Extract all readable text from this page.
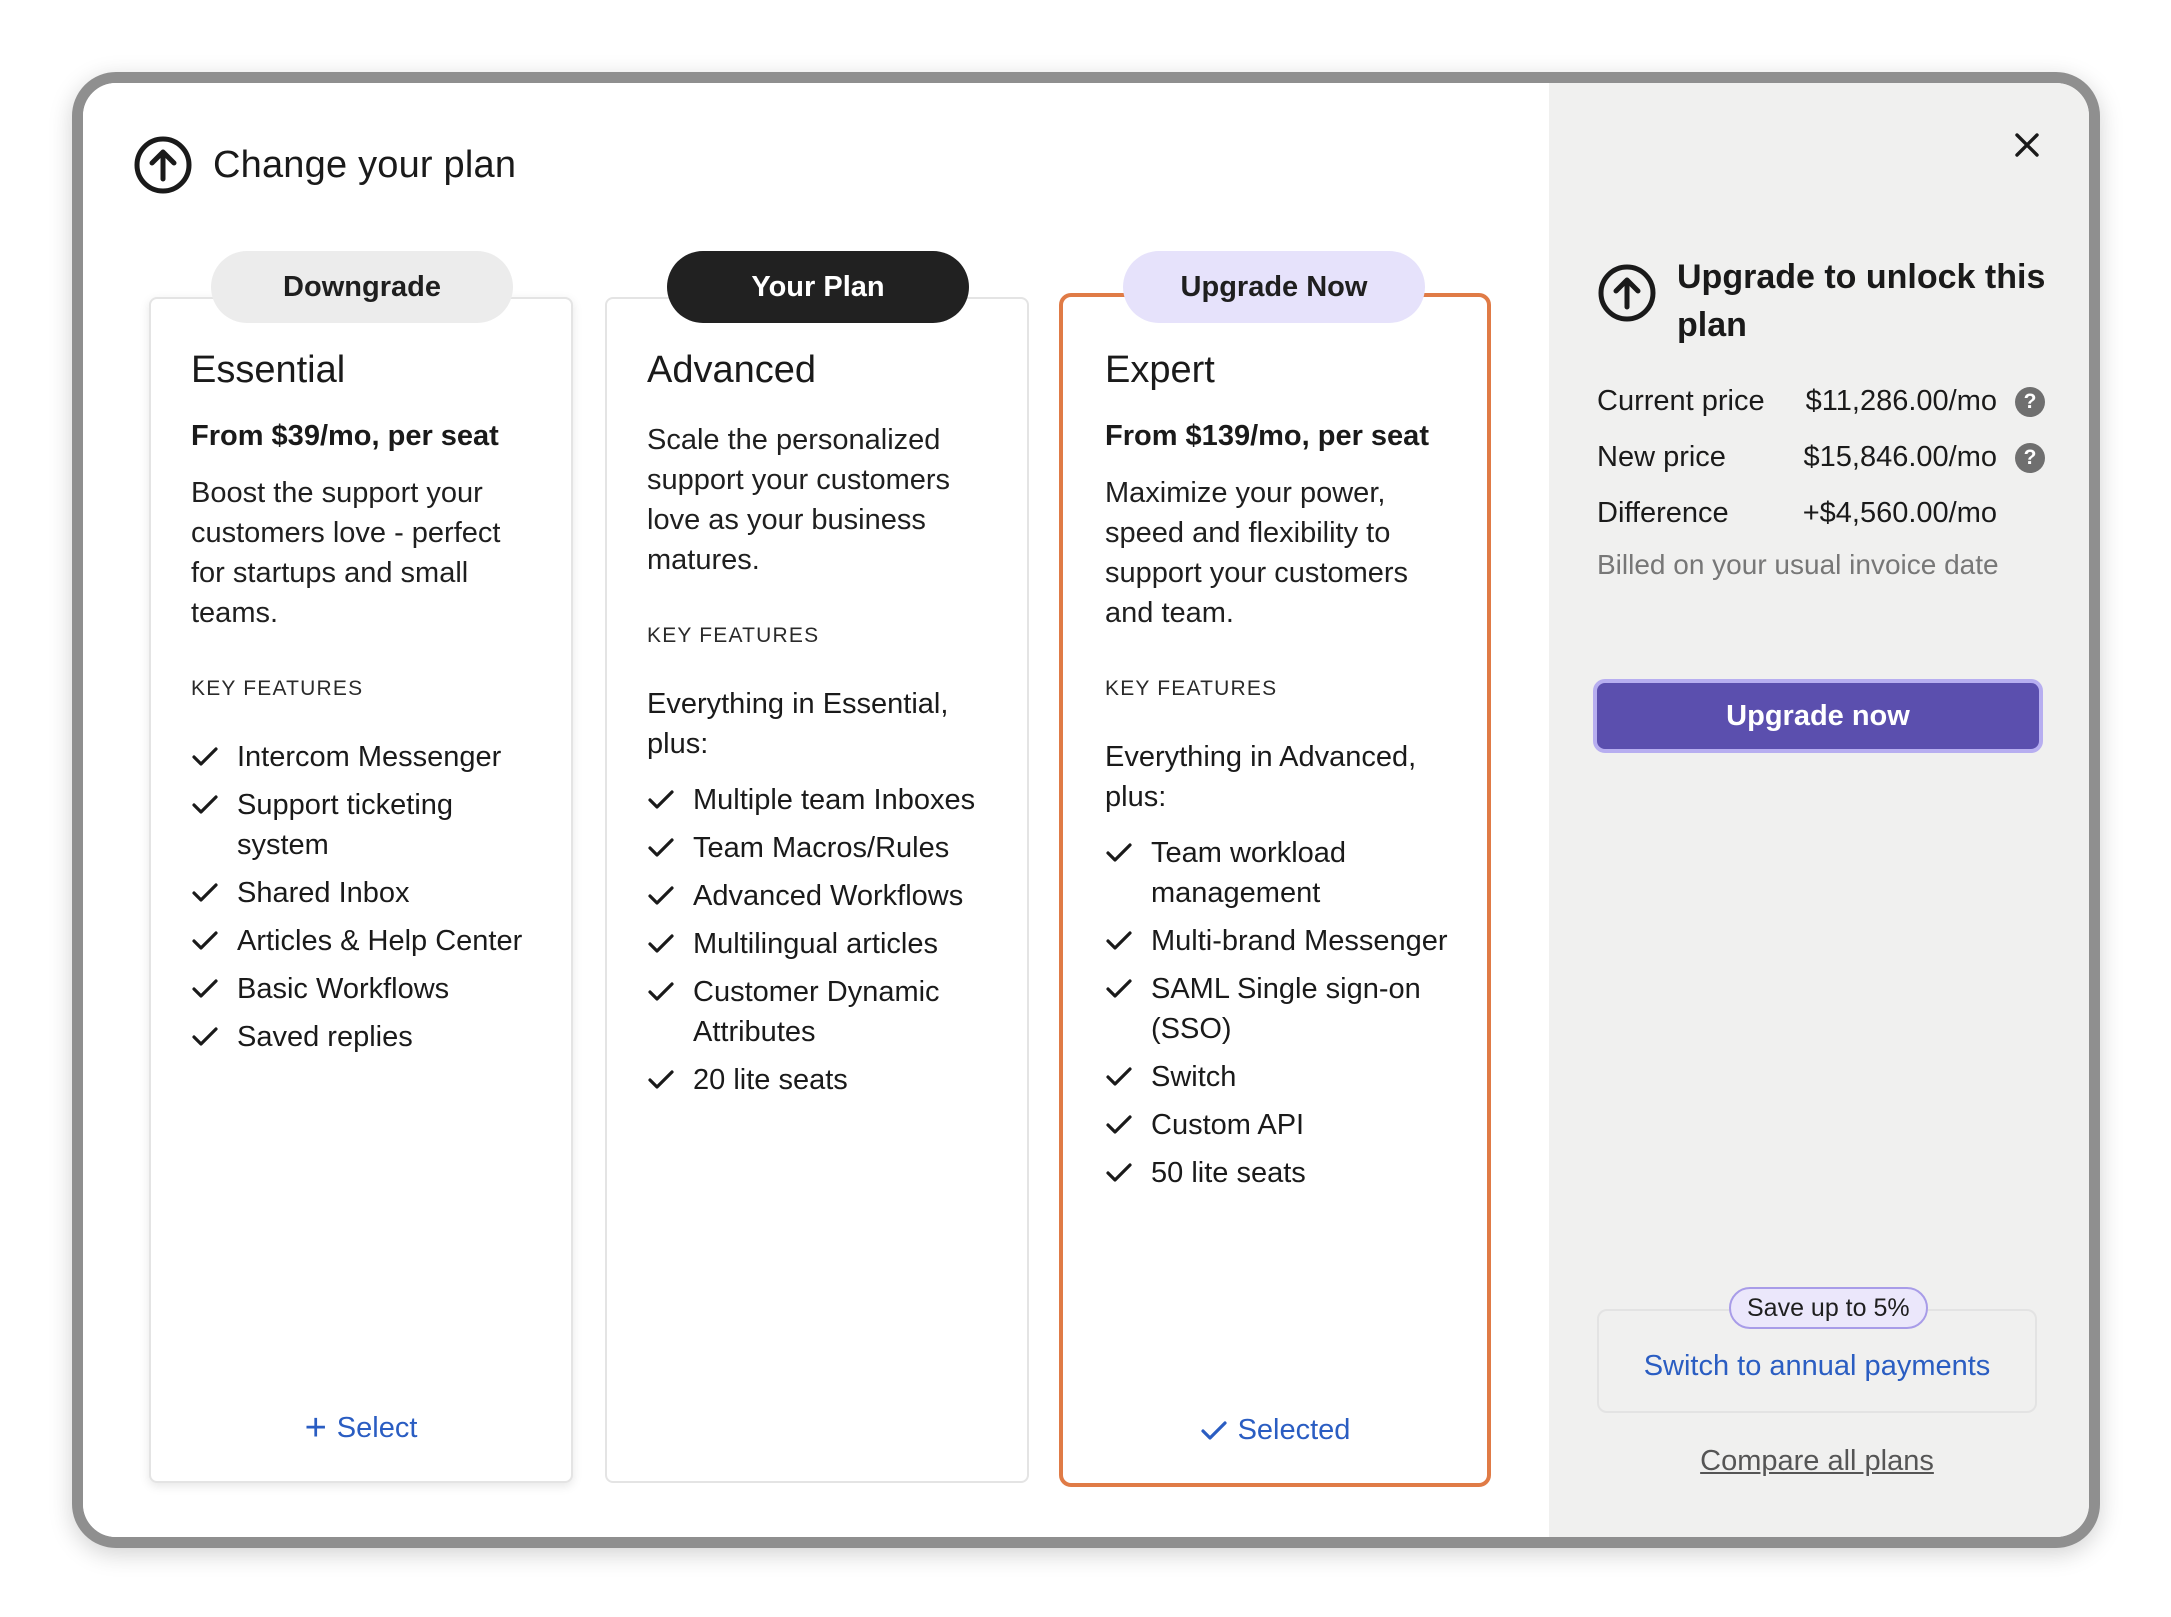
Change your plan
Downgrade
Essential
From $39/mo, per seat
Boost the support your customers love - perfect for startups and small teams.
KEY FEATURES
Intercom Messenger
Support ticketing system
Shared Inbox
Articles & Help Center
Basic Workflows
Saved replies
+ Select
Your Plan
Advanced
Scale the personalized support your customers love as your business matures.
KEY FEATURES
Everything in Essential, plus:
Multiple team Inboxes
Team Macros/Rules
Advanced Workflows
Multilingual articles
Customer Dynamic Attributes
20 lite seats
Upgrade Now
Expert
From $139/mo, per seat
Maximize your power, speed and flexibility to support your customers and team.
KEY FEATURES
Everything in Advanced, plus:
Team workload management
Multi-brand Messenger
SAML Single sign-on (SSO)
Switch
Custom API
50 lite seats
Selected
Upgrade to unlock this plan
Current price	$11,286.00/mo	?
New price	$15,846.00/mo	?
Difference	+$4,560.00/mo
Billed on your usual invoice date
Upgrade now
Save up to 5%
Switch to annual payments
Compare all plans
